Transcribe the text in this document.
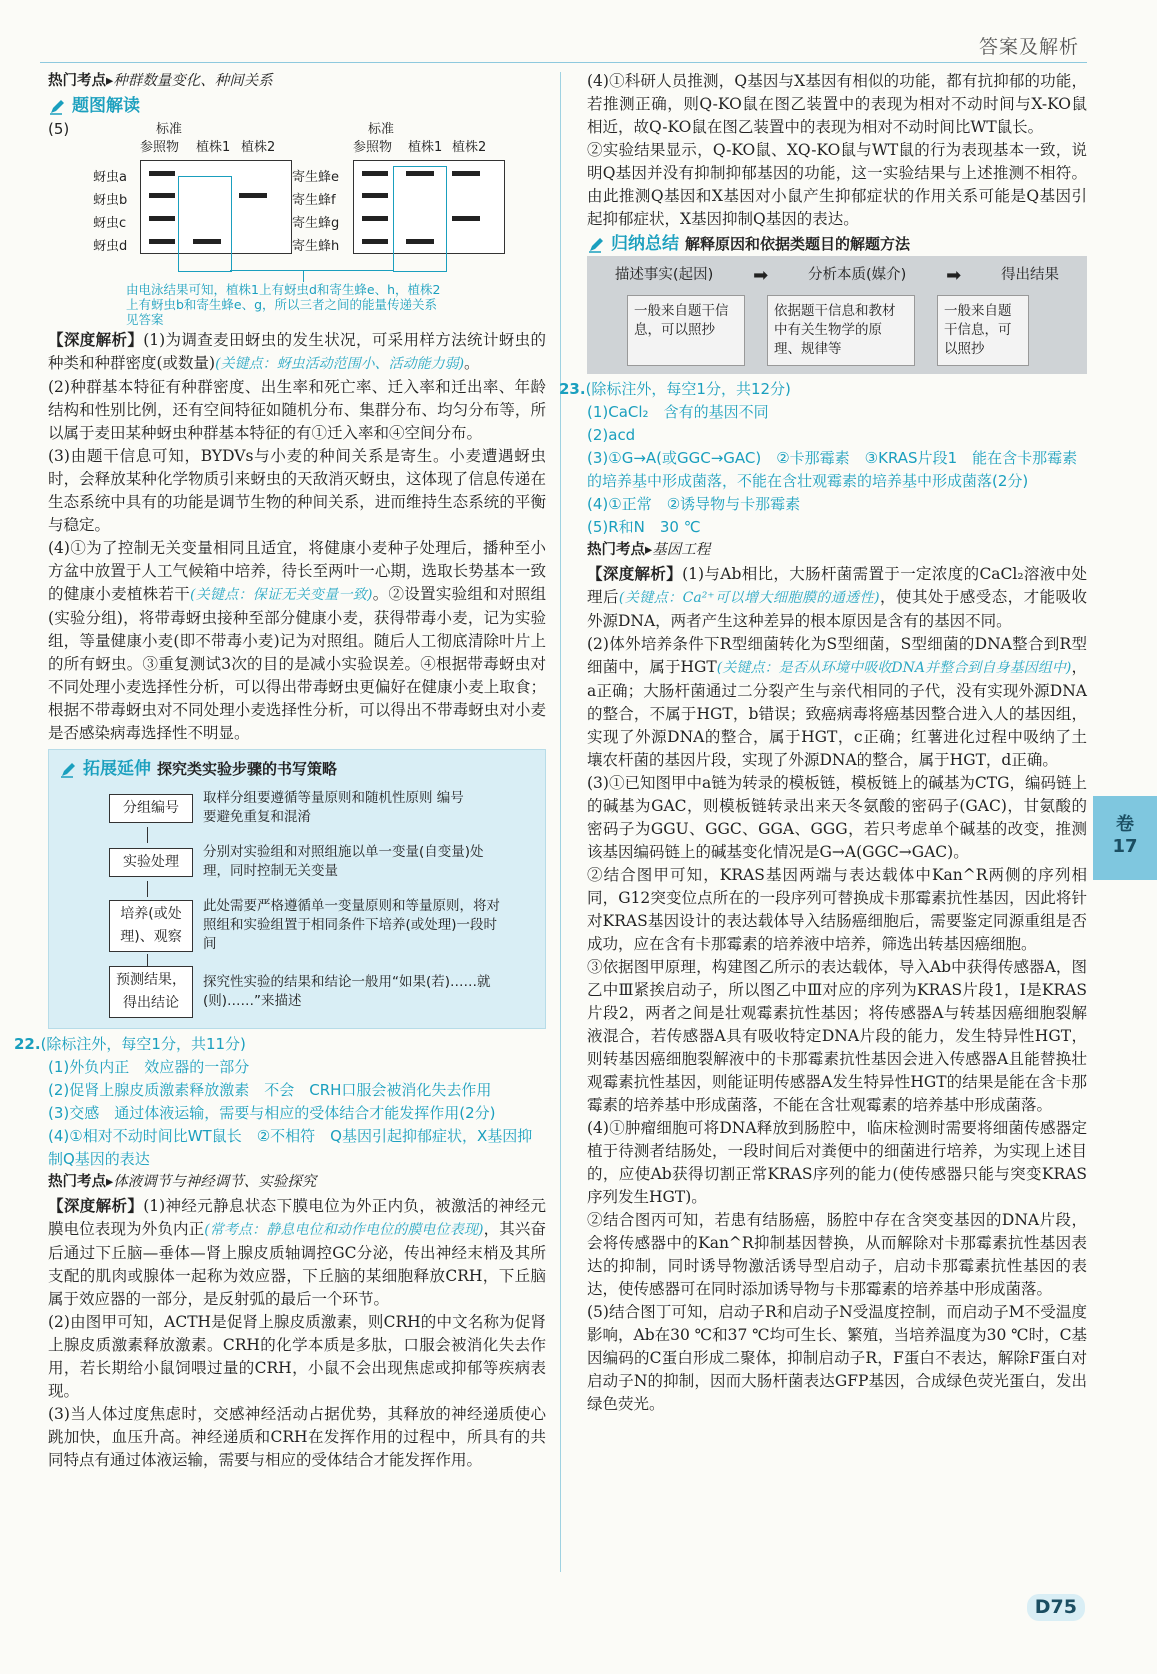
答案及解析
热门考点▸种群数量变化、种间关系
题图解读
(5)	标准
参照物 植株1 植株2
蚜虫a
蚜虫b
蚜虫c
蚜虫d
标准
参照物 植株1 植株2
寄生蜂e
寄生蜂f
寄生蜂g
寄生蜂h
由电泳结果可知，植株1上有蚜虫d和寄生蜂e、h，植株2上有蚜虫b和寄生蜂e、g，所以三者之间的能量传递关系见答案

【深度解析】(1)为调查麦田蚜虫的发生状况，可采用样方法统计蚜虫的种类和种群密度(或数量)(关键点：蚜虫活动范围小、活动能力弱)。

(2)种群基本特征有种群密度、出生率和死亡率、迁入率和迁出率、年龄结构和性别比例，还有空间特征如随机分布、集群分布、均匀分布等，所以属于麦田某种蚜虫种群基本特征的有①迁入率和④空间分布。

(3)由题干信息可知，BYDVs与小麦的种间关系是寄生。小麦遭遇蚜虫时，会释放某种化学物质引来蚜虫的天敌消灭蚜虫，这体现了信息传递在生态系统中具有的功能是调节生物的种间关系，进而维持生态系统的平衡与稳定。

(4)①为了控制无关变量相同且适宜，将健康小麦种子处理后，播种至小方盆中放置于人工气候箱中培养，待长至两叶一心期，选取长势基本一致的健康小麦植株若干(关键点：保证无关变量一致)。②设置实验组和对照组(实验分组)，将带毒蚜虫接种至部分健康小麦，获得带毒小麦，记为实验组，等量健康小麦(即不带毒小麦)记为对照组。随后人工彻底清除叶片上的所有蚜虫。③重复测试3次的目的是减小实验误差。④根据带毒蚜虫对不同处理小麦选择性分析，可以得出带毒蚜虫更偏好在健康小麦上取食；根据不带毒蚜虫对不同处理小麦选择性分析，可以得出不带毒蚜虫对小麦是否感染病毒选择性不明显。

拓展延伸 探究类实验步骤的书写策略
分组编号
取样分组要遵循等量原则和随机性原则 编号要避免重复和混淆
实验处理
分别对实验组和对照组施以单一变量(自变量)处理，同时控制无关变量
培养(或处理)、观察
此处需要严格遵循单一变量原则和等量原则，将对照组和实验组置于相同条件下培养(或处理)一段时间
预测结果，得出结论
探究性实验的结果和结论一般用“如果(若)……就(则)……”来描述
22.(除标注外，每空1分，共11分)
(1)外负内正　效应器的一部分
(2)促肾上腺皮质激素释放激素　不会　CRH口服会被消化失去作用
(3)交感　通过体液运输，需要与相应的受体结合才能发挥作用(2分)
(4)①相对不动时间比WT鼠长　②不相符　Q基因引起抑郁症状，X基因抑制Q基因的表达
热门考点▸体液调节与神经调节、实验探究

【深度解析】(1)神经元静息状态下膜电位为外正内负，被激活的神经元膜电位表现为外负内正(常考点：静息电位和动作电位的膜电位表现)，其兴奋后通过下丘脑—垂体—肾上腺皮质轴调控GC分泌，传出神经末梢及其所支配的肌肉或腺体一起称为效应器，下丘脑的某细胞释放CRH，下丘脑属于效应器的一部分，是反射弧的最后一个环节。

(2)由图甲可知，ACTH是促肾上腺皮质激素，则CRH的中文名称为促肾上腺皮质激素释放激素。CRH的化学本质是多肽，口服会被消化失去作用，若长期给小鼠饲喂过量的CRH，小鼠不会出现焦虑或抑郁等疾病表现。

(3)当人体过度焦虑时，交感神经活动占据优势，其释放的神经递质使心跳加快，血压升高。神经递质和CRH在发挥作用的过程中，所具有的共同特点有通过体液运输，需要与相应的受体结合才能发挥作用。

(4)①科研人员推测，Q基因与X基因有相似的功能，都有抗抑郁的功能，若推测正确，则Q-KO鼠在图乙装置中的表现为相对不动时间与X-KO鼠相近，故Q-KO鼠在图乙装置中的表现为相对不动时间比WT鼠长。

②实验结果显示，Q-KO鼠、XQ-KO鼠与WT鼠的行为表现基本一致，说明Q基因并没有抑制抑郁基因的功能，这一实验结果与上述推测不相符。由此推测Q基因和X基因对小鼠产生抑郁症状的作用关系可能是Q基因引起抑郁症状，X基因抑制Q基因的表达。

归纳总结 解释原因和依据类题目的解题方法
描述事实(起因) ➡	分析本质(媒介) ➡	得出结果
一般来自题干信息，可以照抄
依据题干信息和教材中有关生物学的原理、规律等
一般来自题干信息，可以照抄
23.(除标注外，每空1分，共12分)
(1)CaCl₂　含有的基因不同
(2)acd
(3)①G→A(或GGC→GAC)　②卡那霉素　③KRAS片段1　能在含卡那霉素的培养基中形成菌落，不能在含壮观霉素的培养基中形成菌落(2分)
(4)①正常　②诱导物与卡那霉素
(5)R和N　30 ℃
热门考点▸基因工程

【深度解析】(1)与Ab相比，大肠杆菌需置于一定浓度的CaCl₂溶液中处理后(关键点：Ca²⁺可以增大细胞膜的通透性)，使其处于感受态，才能吸收外源DNA，两者产生这种差异的根本原因是含有的基因不同。

(2)体外培养条件下R型细菌转化为S型细菌，S型细菌的DNA整合到R型细菌中，属于HGT(关键点：是否从环境中吸收DNA并整合到自身基因组中)，a正确；大肠杆菌通过二分裂产生与亲代相同的子代，没有实现外源DNA的整合，不属于HGT，b错误；致癌病毒将癌基因整合进入人的基因组，实现了外源DNA的整合，属于HGT，c正确；红薯进化过程中吸纳了土壤农杆菌的基因片段，实现了外源DNA的整合，属于HGT，d正确。

(3)①已知图甲中a链为转录的模板链，模板链上的碱基为CTG，编码链上的碱基为GAC，则模板链转录出来天冬氨酸的密码子(GAC)，甘氨酸的密码子为GGU、GGC、GGA、GGG，若只考虑单个碱基的改变，推测该基因编码链上的碱基变化情况是G→A(GGC→GAC)。

②结合图甲可知，KRAS基因两端与表达载体中Kan^R两侧的序列相同，G12突变位点所在的一段序列可替换成卡那霉素抗性基因，因此将针对KRAS基因设计的表达载体导入结肠癌细胞后，需要鉴定同源重组是否成功，应在含有卡那霉素的培养液中培养，筛选出转基因癌细胞。

③依据图甲原理，构建图乙所示的表达载体，导入Ab中获得传感器A，图乙中Ⅲ紧挨启动子，所以图乙中Ⅲ对应的序列为KRAS片段1，Ⅰ是KRAS片段2，两者之间是壮观霉素抗性基因；将传感器A与转基因癌细胞裂解液混合，若传感器A具有吸收特定DNA片段的能力，发生特异性HGT，则转基因癌细胞裂解液中的卡那霉素抗性基因会进入传感器A且能替换壮观霉素抗性基因，则能证明传感器A发生特异性HGT的结果是能在含卡那霉素的培养基中形成菌落，不能在含壮观霉素的培养基中形成菌落。

(4)①肿瘤细胞可将DNA释放到肠腔中，临床检测时需要将细菌传感器定植于待测者结肠处，一段时间后对粪便中的细菌进行培养，为实现上述目的，应使Ab获得切割正常KRAS序列的能力(使传感器只能与突变KRAS序列发生HGT)。

②结合图丙可知，若患有结肠癌，肠腔中存在含突变基因的DNA片段，会将传感器中的Kan^R抑制基因替换，从而解除对卡那霉素抗性基因表达的抑制，同时诱导物激活诱导型启动子，启动卡那霉素抗性基因的表达，使传感器可在同时添加诱导物与卡那霉素的培养基中形成菌落。

(5)结合图丁可知，启动子R和启动子N受温度控制，而启动子M不受温度影响，Ab在30 ℃和37 ℃均可生长、繁殖，当培养温度为30 ℃时，C基因编码的C蛋白形成二聚体，抑制启动子R，F蛋白不表达，解除F蛋白对启动子N的抑制，因而大肠杆菌表达GFP基因，合成绿色荧光蛋白，发出绿色荧光。

卷
17
D75
